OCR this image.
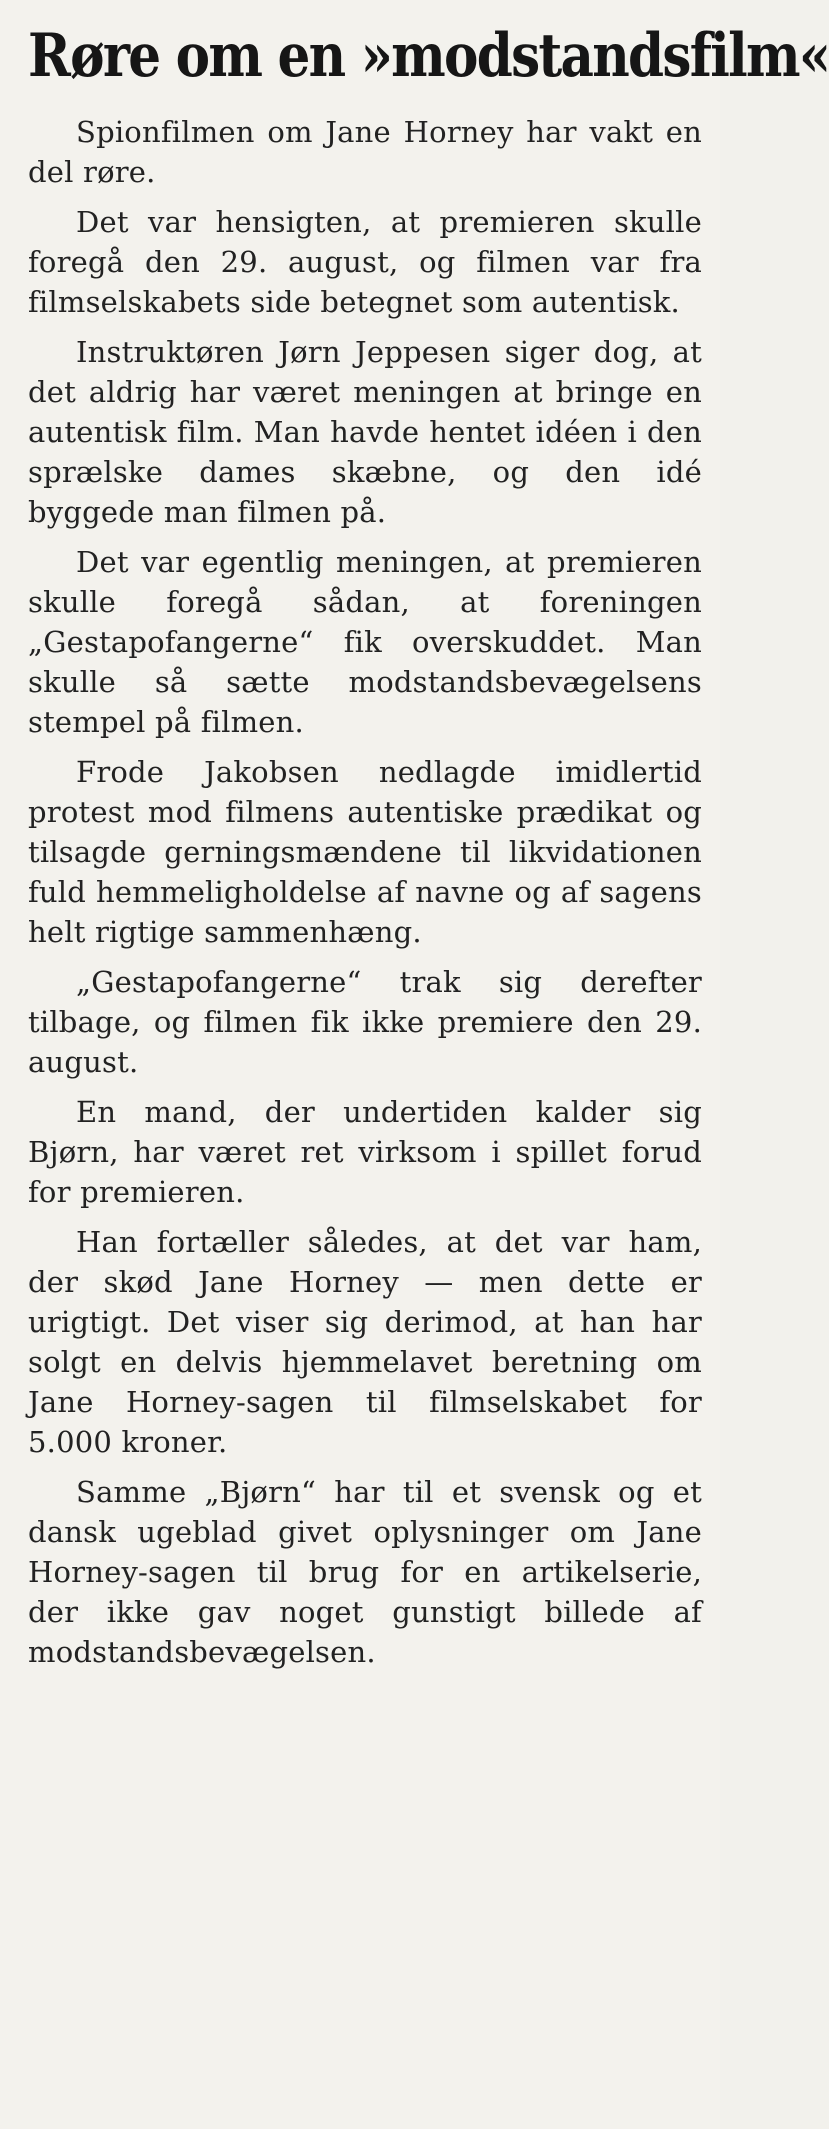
Røre om en »modstandsfilm«

Spionfilmen om Jane Horney har vakt en del røre.

Det var hensigten, at premieren skulle foregå den 29. august, og filmen var fra filmselskabets side betegnet som autentisk.

Instruktøren Jørn Jeppesen siger dog, at det aldrig har været meningen at bringe en autentisk film. Man havde hentet idéen i den sprælske dames skæbne, og den idé byggede man filmen på.

Det var egentlig meningen, at premieren skulle foregå sådan, at foreningen „Gestapofangerne“ fik overskuddet. Man skulle så sætte modstandsbevægelsens stempel på filmen.

Frode Jakobsen nedlagde imidlertid protest mod filmens autentiske prædikat og tilsagde gerningsmændene til likvidationen fuld hemmeligholdelse af navne og af sagens helt rigtige sammenhæng.

„Gestapofangerne“ trak sig derefter tilbage, og filmen fik ikke premiere den 29. august.

En mand, der undertiden kalder sig Bjørn, har været ret virksom i spillet forud for premieren.

Han fortæller således, at det var ham, der skød Jane Horney — men dette er urigtigt. Det viser sig derimod, at han har solgt en delvis hjemmelavet beretning om Jane Horney-sagen til filmselskabet for 5.000 kroner.

Samme „Bjørn“ har til et svensk og et dansk ugeblad givet oplysninger om Jane Horney-sagen til brug for en artikelserie, der ikke gav noget gunstigt billede af modstandsbevægelsen.
